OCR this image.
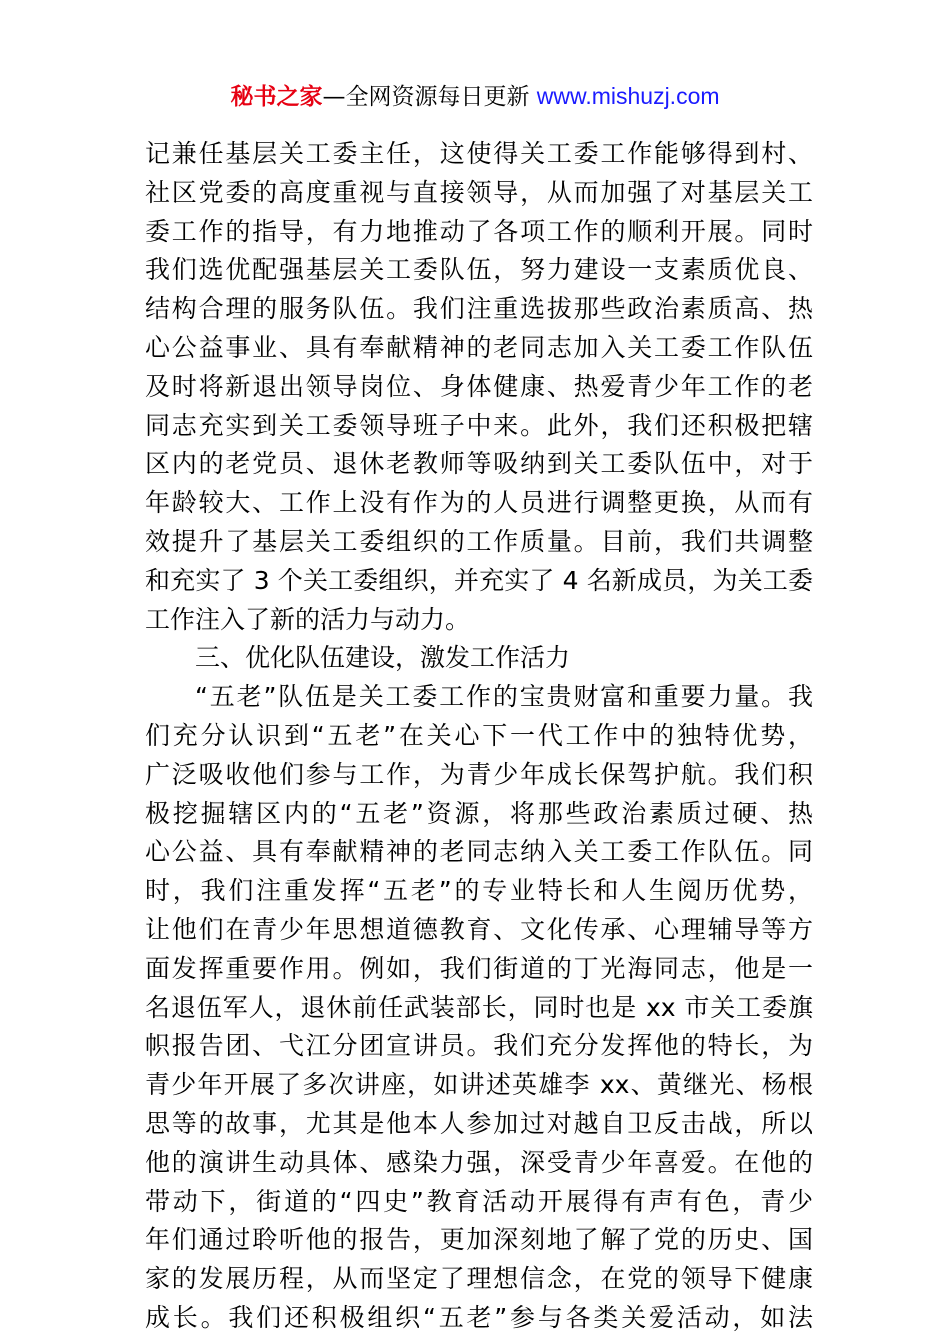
秘书之家—全网资源每日更新 www.mishuzj.com
记兼任基层关工委主任，这使得关工委工作能够得到村、
社区党委的高度重视与直接领导，从而加强了对基层关工
委工作的指导，有力地推动了各项工作的顺利开展。同时
我们选优配强基层关工委队伍，努力建设一支素质优良、
结构合理的服务队伍。我们注重选拔那些政治素质高、热
心公益事业、具有奉献精神的老同志加入关工委工作队伍
及时将新退出领导岗位、身体健康、热爱青少年工作的老
同志充实到关工委领导班子中来。此外，我们还积极把辖
区内的老党员、退休老教师等吸纳到关工委队伍中，对于
年龄较大、工作上没有作为的人员进行调整更换，从而有
效提升了基层关工委组织的工作质量。目前，我们共调整
和充实了 3 个关工委组织，并充实了 4 名新成员，为关工委
工作注入了新的活力与动力。
三、优化队伍建设，激发工作活力
“五老”队伍是关工委工作的宝贵财富和重要力量。我
们充分认识到“五老”在关心下一代工作中的独特优势，
广泛吸收他们参与工作，为青少年成长保驾护航。我们积
极挖掘辖区内的“五老”资源，将那些政治素质过硬、热
心公益、具有奉献精神的老同志纳入关工委工作队伍。同
时，我们注重发挥“五老”的专业特长和人生阅历优势，
让他们在青少年思想道德教育、文化传承、心理辅导等方
面发挥重要作用。例如，我们街道的丁光海同志，他是一
名退伍军人，退休前任武装部长，同时也是 xx 市关工委旗
帜报告团、弋江分团宣讲员。我们充分发挥他的特长，为
青少年开展了多次讲座，如讲述英雄李 xx、黄继光、杨根
思等的故事，尤其是他本人参加过对越自卫反击战，所以
他的演讲生动具体、感染力强，深受青少年喜爱。在他的
带动下，街道的“四史”教育活动开展得有声有色，青少
年们通过聆听他的报告，更加深刻地了解了党的历史、国
家的发展历程，从而坚定了理想信念，在党的领导下健康
成长。我们还积极组织“五老”参与各类关爱活动，如法
